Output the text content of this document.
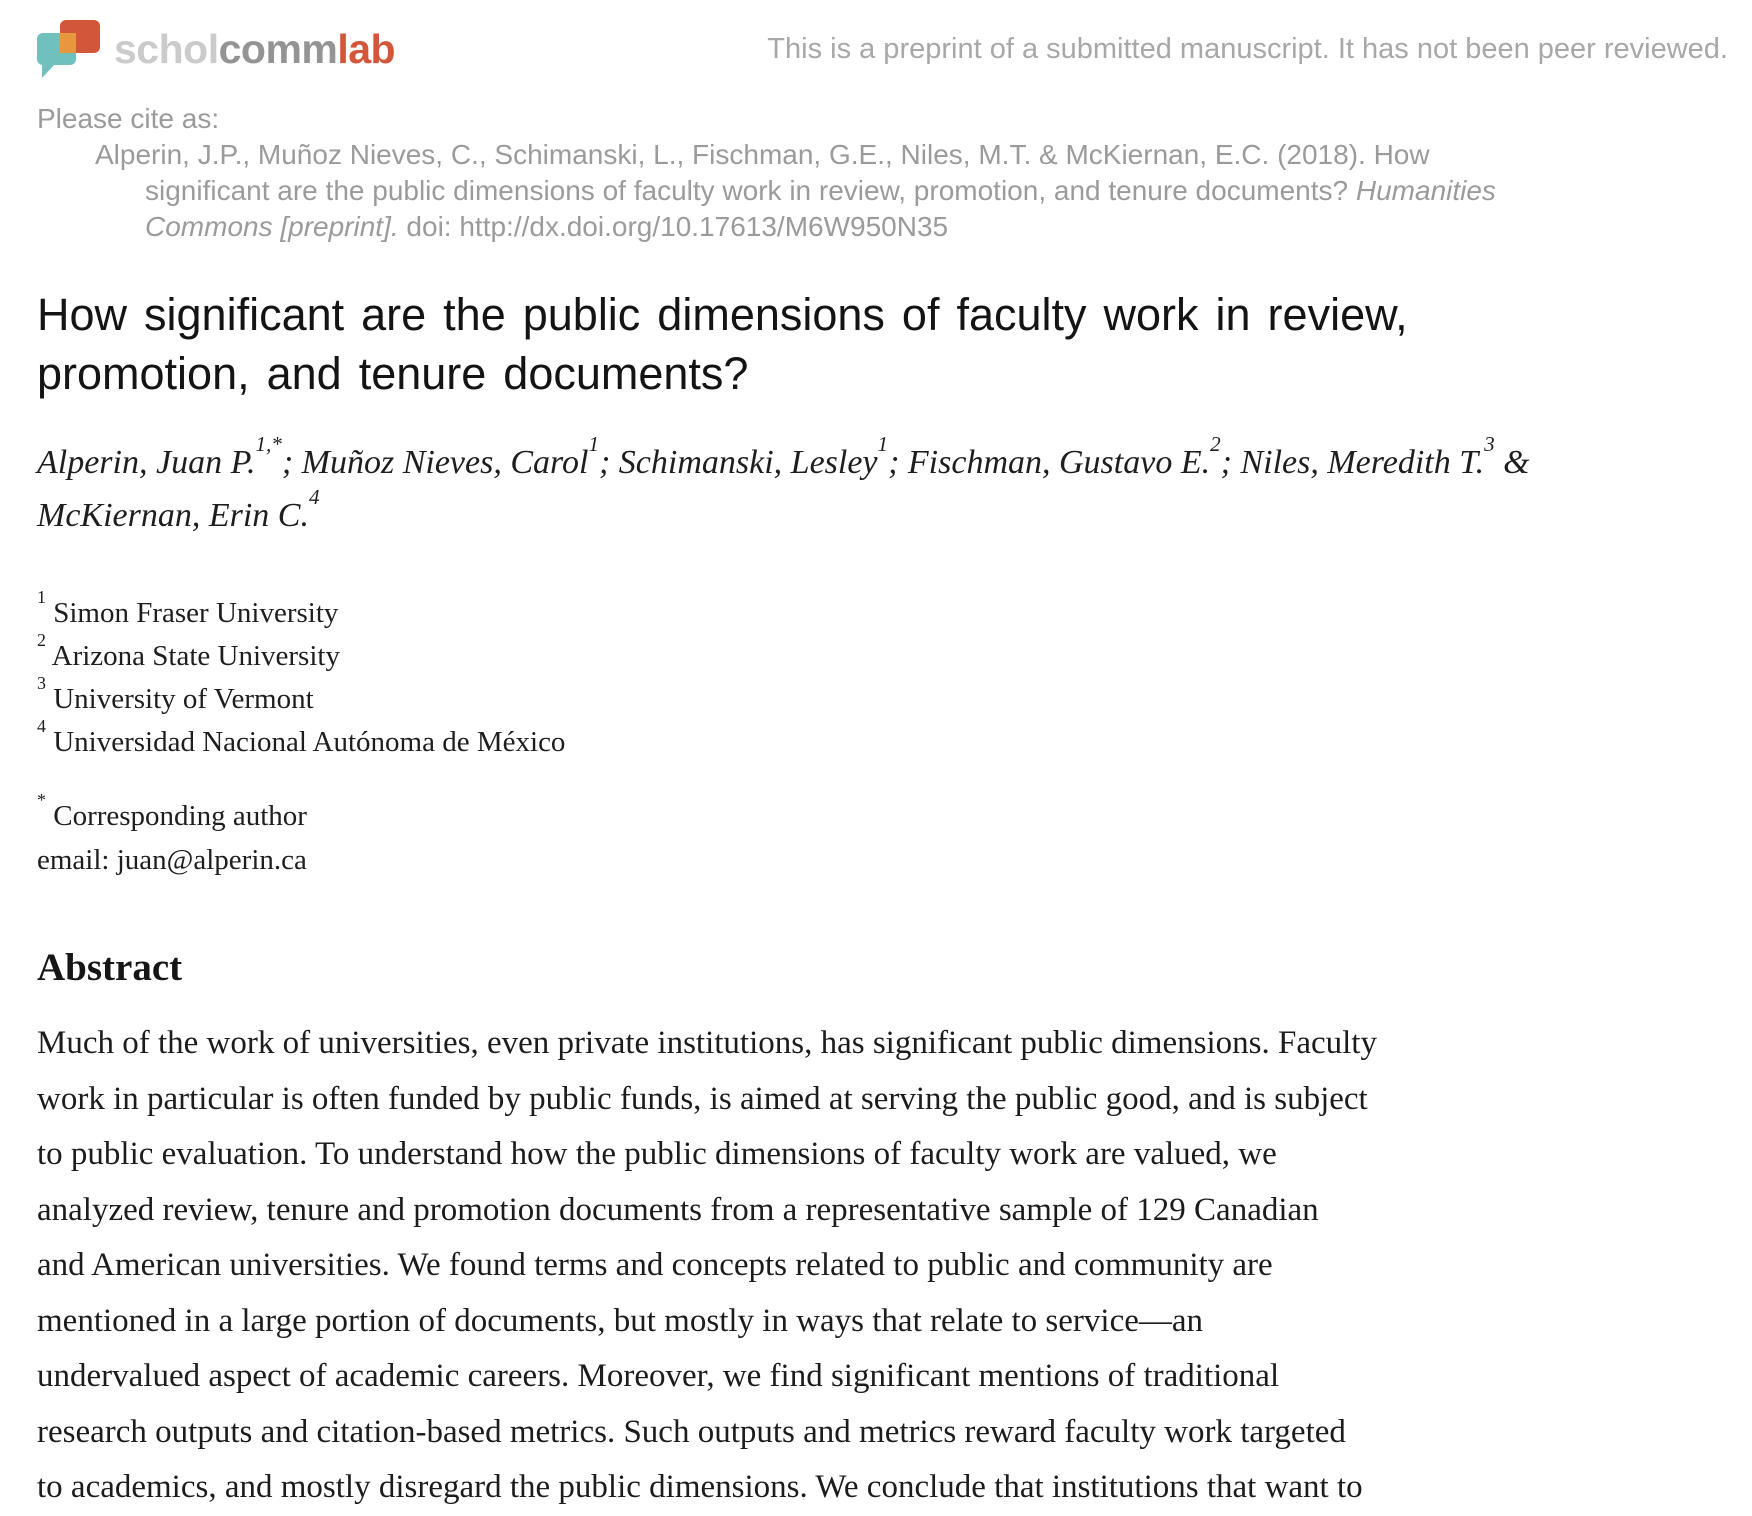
scholcommlab	This is a preprint of a submitted manuscript. It has not been peer reviewed.
Please cite as:
Alperin, J.P., Muñoz Nieves, C., Schimanski, L., Fischman, G.E., Niles, M.T. & McKiernan, E.C. (2018). How
significant are the public dimensions of faculty work in review, promotion, and tenure documents? Humanities
Commons [preprint]. doi: http://dx.doi.org/10.17613/M6W950N35
How significant are the public dimensions of faculty work in review,
promotion, and tenure documents?
Alperin, Juan P.$^{1,*}$; Muñoz Nieves, Carol$^1$; Schimanski, Lesley$^1$; Fischman, Gustavo E.$^2$; Niles, Meredith T.$^3$ &
McKiernan, Erin C.$^4$
$^1$ Simon Fraser University
$^2$ Arizona State University
$^3$ University of Vermont
$^4$ Universidad Nacional Autónoma de México
* Corresponding author
email: juan@alperin.ca
Abstract
Much of the work of universities, even private institutions, has significant public dimensions. Faculty
work in particular is often funded by public funds, is aimed at serving the public good, and is subject
to public evaluation. To understand how the public dimensions of faculty work are valued, we
analyzed review, tenure and promotion documents from a representative sample of 129 Canadian
and American universities. We found terms and concepts related to public and community are
mentioned in a large portion of documents, but mostly in ways that relate to service—an
undervalued aspect of academic careers. Moreover, we find significant mentions of traditional
research outputs and citation-based metrics. Such outputs and metrics reward faculty work targeted
to academics, and mostly disregard the public dimensions. We conclude that institutions that want to
